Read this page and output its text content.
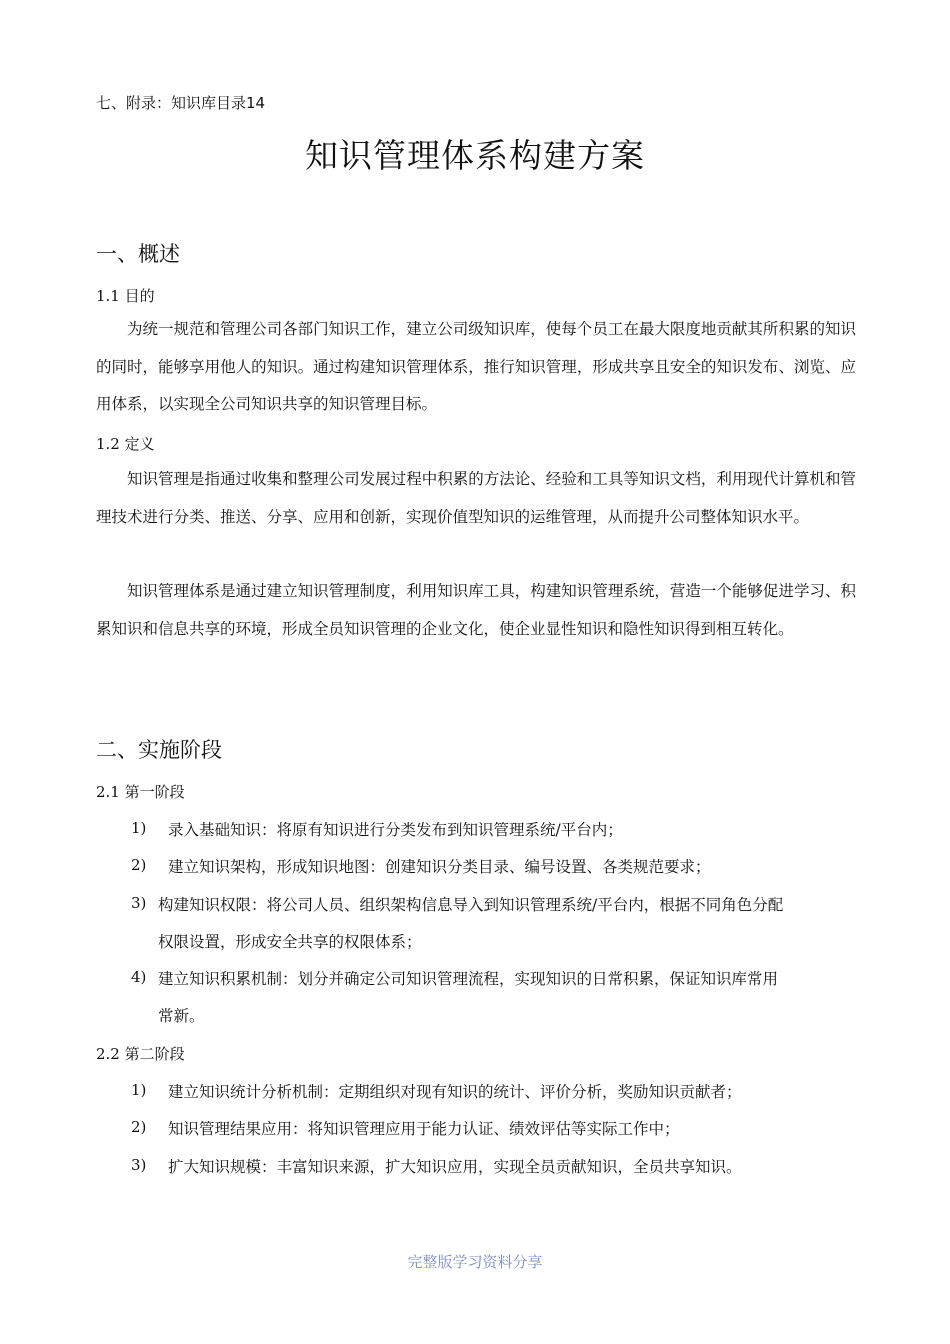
七、附录：知识库目录14
知识管理体系构建方案
一、概述
1.1 目的

为统一规范和管理公司各部门知识工作，建立公司级知识库，使每个员工在最大限度地贡献其所积累的知识的同时，能够享用他人的知识。通过构建知识管理体系，推行知识管理，形成共享且安全的知识发布、浏览、应用体系，以实现全公司知识共享的知识管理目标。

1.2 定义

知识管理是指通过收集和整理公司发展过程中积累的方法论、经验和工具等知识文档，利用现代计算机和管理技术进行分类、推送、分享、应用和创新，实现价值型知识的运维管理，从而提升公司整体知识水平。

知识管理体系是通过建立知识管理制度，利用知识库工具，构建知识管理系统，营造一个能够促进学习、积累知识和信息共享的环境，形成全员知识管理的企业文化，使企业显性知识和隐性知识得到相互转化。

二、实施阶段
2.1 第一阶段
1) 录入基础知识：将原有知识进行分类发布到知识管理系统/平台内；
2) 建立知识架构，形成知识地图：创建知识分类目录、编号设置、各类规范要求；
3) 构建知识权限：将公司人员、组织架构信息导入到知识管理系统/平台内，根据不同角色分配
权限设置，形成安全共享的权限体系；
4) 建立知识积累机制：划分并确定公司知识管理流程，实现知识的日常积累，保证知识库常用
常新。
2.2 第二阶段
1) 建立知识统计分析机制：定期组织对现有知识的统计、评价分析，奖励知识贡献者；
2) 知识管理结果应用：将知识管理应用于能力认证、绩效评估等实际工作中；
3) 扩大知识规模：丰富知识来源，扩大知识应用，实现全员贡献知识，全员共享知识。
完整版学习资料分享
